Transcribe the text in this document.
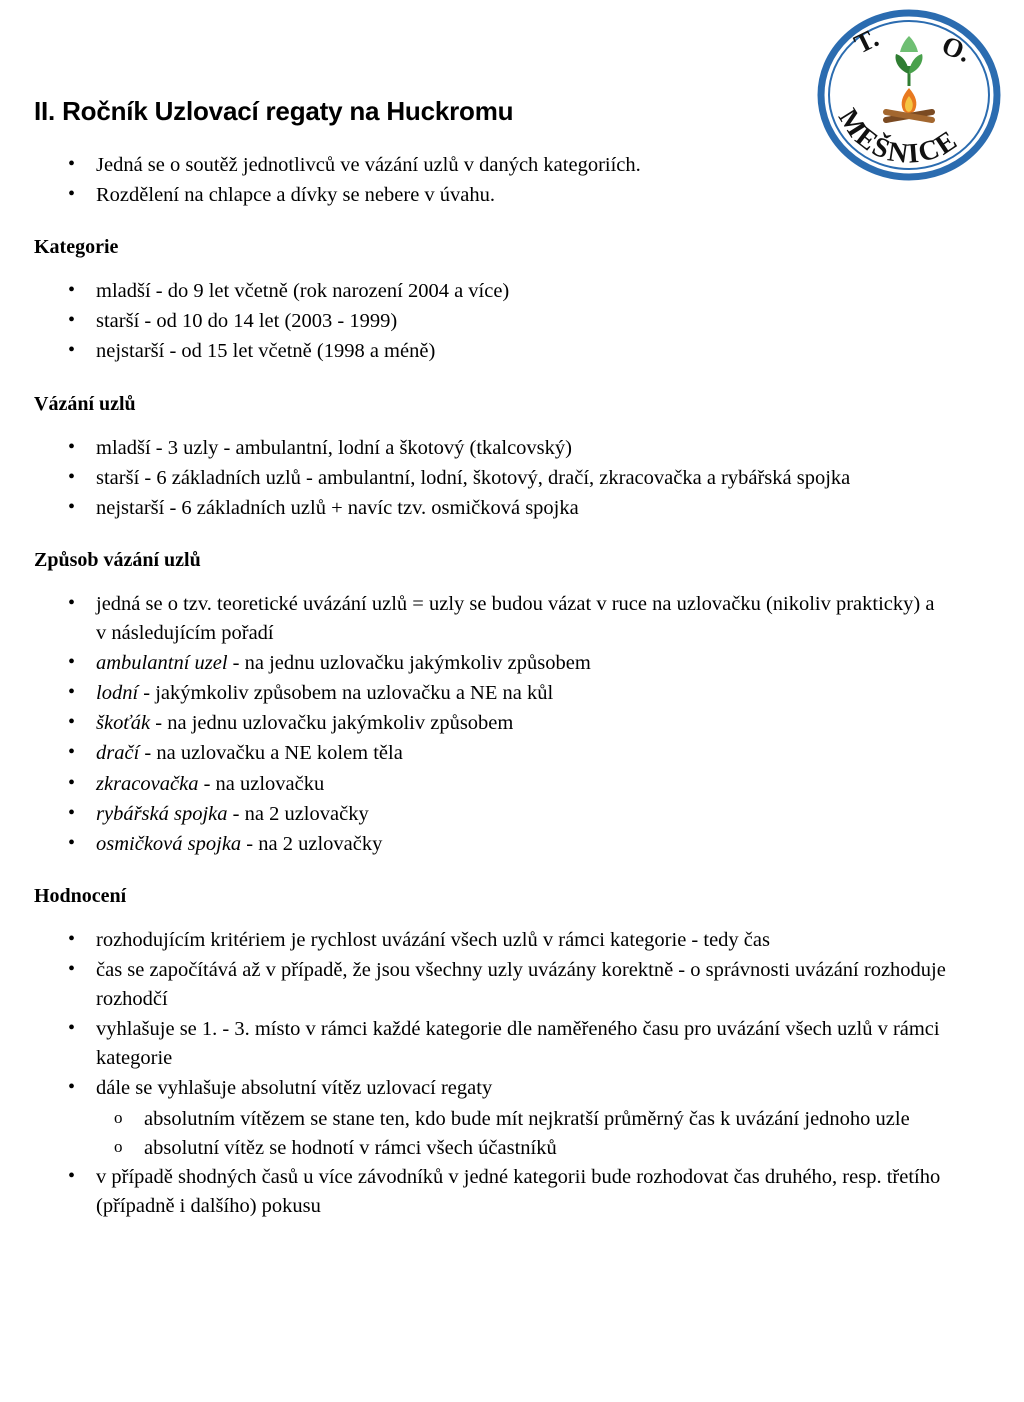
T. O.
MEŠNICE
II. Ročník Uzlovací regaty na Huckromu
• Jedná se o soutěž jednotlivců ve vázání uzlů v daných kategoriích.
• Rozdělení na chlapce a dívky se nebere v úvahu.
Kategorie
• mladší - do 9 let včetně (rok narození 2004 a více)
• starší - od 10 do 14 let (2003 - 1999)
• nejstarší - od 15 let včetně (1998 a méně)
Vázání uzlů
• mladší - 3 uzly - ambulantní, lodní a škotový (tkalcovský)
• starší - 6 základních uzlů - ambulantní, lodní, škotový, dračí, zkracovačka a rybářská spojka
• nejstarší - 6 základních uzlů + navíc tzv. osmičková spojka
Způsob vázání uzlů
• jedná se o tzv. teoretické uvázání uzlů = uzly se budou vázat v ruce na uzlovačku (nikoliv prakticky) a v následujícím pořadí
• ambulantní uzel - na jednu uzlovačku jakýmkoliv způsobem
• lodní - jakýmkoliv způsobem na uzlovačku a NE na kůl
• škoťák - na jednu uzlovačku jakýmkoliv způsobem
• dračí - na uzlovačku a NE kolem těla
• zkracovačka - na uzlovačku
• rybářská spojka - na 2 uzlovačky
• osmičková spojka - na 2 uzlovačky
Hodnocení
• rozhodujícím kritériem je rychlost uvázání všech uzlů v rámci kategorie - tedy čas
• čas se započítává až v případě, že jsou všechny uzly uvázány korektně - o správnosti uvázání rozhoduje rozhodčí
• vyhlašuje se 1. - 3. místo v rámci každé kategorie dle naměřeného času pro uvázání všech uzlů v rámci kategorie
• dále se vyhlašuje absolutní vítěz uzlovací regaty
o absolutním vítězem se stane ten, kdo bude mít nejkratší průměrný čas k uvázání jednoho uzle
o absolutní vítěz se hodnotí v rámci všech účastníků
• v případě shodných časů u více závodníků v jedné kategorii bude rozhodovat čas druhého, resp. třetího (případně i dalšího) pokusu
